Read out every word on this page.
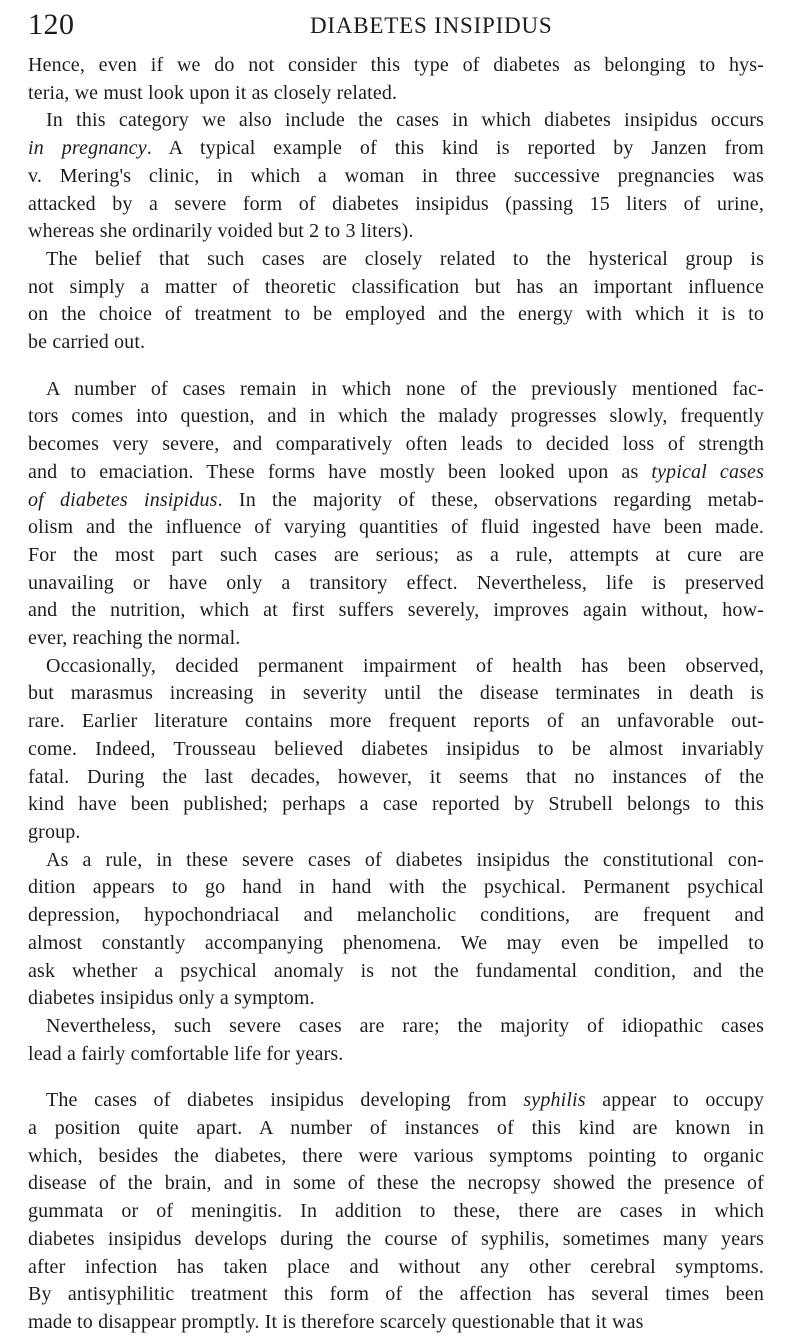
120	DIABETES INSIPIDUS
Hence, even if we do not consider this type of diabetes as belonging to hys-
teria, we must look upon it as closely related.
In this category we also include the cases in which diabetes insipidus occurs
in pregnancy. A typical example of this kind is reported by Janzen from
v. Mering's clinic, in which a woman in three successive pregnancies was
attacked by a severe form of diabetes insipidus (passing 15 liters of urine,
whereas she ordinarily voided but 2 to 3 liters).
The belief that such cases are closely related to the hysterical group is
not simply a matter of theoretic classification but has an important influence
on the choice of treatment to be employed and the energy with which it is to
be carried out.
A number of cases remain in which none of the previously mentioned fac-
tors comes into question, and in which the malady progresses slowly, frequently
becomes very severe, and comparatively often leads to decided loss of strength
and to emaciation. These forms have mostly been looked upon as typical cases
of diabetes insipidus. In the majority of these, observations regarding metab-
olism and the influence of varying quantities of fluid ingested have been made.
For the most part such cases are serious; as a rule, attempts at cure are
unavailing or have only a transitory effect. Nevertheless, life is preserved
and the nutrition, which at first suffers severely, improves again without, how-
ever, reaching the normal.
Occasionally, decided permanent impairment of health has been observed,
but marasmus increasing in severity until the disease terminates in death is
rare. Earlier literature contains more frequent reports of an unfavorable out-
come. Indeed, Trousseau believed diabetes insipidus to be almost invariably
fatal. During the last decades, however, it seems that no instances of the
kind have been published; perhaps a case reported by Strubell belongs to this
group.
As a rule, in these severe cases of diabetes insipidus the constitutional con-
dition appears to go hand in hand with the psychical. Permanent psychical
depression, hypochondriacal and melancholic conditions, are frequent and
almost constantly accompanying phenomena. We may even be impelled to
ask whether a psychical anomaly is not the fundamental condition, and the
diabetes insipidus only a symptom.
Nevertheless, such severe cases are rare; the majority of idiopathic cases
lead a fairly comfortable life for years.
The cases of diabetes insipidus developing from syphilis appear to occupy
a position quite apart. A number of instances of this kind are known in
which, besides the diabetes, there were various symptoms pointing to organic
disease of the brain, and in some of these the necropsy showed the presence of
gummata or of meningitis. In addition to these, there are cases in which
diabetes insipidus develops during the course of syphilis, sometimes many years
after infection has taken place and without any other cerebral symptoms.
By antisyphilitic treatment this form of the affection has several times been
made to disappear promptly. It is therefore scarcely questionable that it was
